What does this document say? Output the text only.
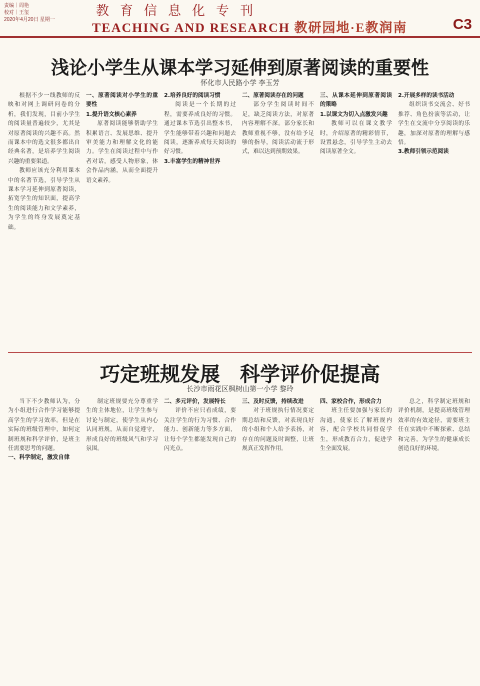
责编｜周艳
校对｜王玺
2020年4月20日 星期一
教育信息化专刊
TEACHING AND RESEARCH 教研园地·E教润南	C3
浅论小学生从课本学习延伸到原著阅读的重要性
怀化市人民路小学 李玉芳

根据不少一线教师的反映和对网上调研问卷的分析，我们发现，目前小学生的阅读量普遍较少，尤其是对原著阅读的兴趣不高。然而课本中的选文很多都出自经典名著，是培养学生阅读兴趣的重要渠道。

教师应该充分利用课本中的名著节选，引导学生从课本学习延伸到原著阅读，拓宽学生的知识面，提高学生的阅读能力和文学素养，为学生的终身发展奠定基础。

一、原著阅读对小学生的重要性

1.提升语文核心素养

原著阅读能够帮助学生积累语言、发展思维、提升审美能力和理解文化的能力。学生在阅读过程中与作者对话，感受人物形象，体会作品内涵，从而全面提升语文素养。

2.培养良好的阅读习惯

阅读是一个长期的过程，需要养成良好的习惯。通过课本节选引出整本书，学生能够带着兴趣和问题去阅读，逐渐养成每天阅读的好习惯。

3.丰富学生的精神世界

二、原著阅读存在的问题

部分学生阅读时间不足，缺乏阅读方法，对原著内容理解不深。部分家长和教师重视不够，没有给予足够的指导，阅读活动流于形式，难以达到预期效果。

三、从课本延伸到原著阅读的策略

1.以课文为切入点激发兴趣

教师可以在课文教学时，介绍原著的精彩情节，设置悬念，引导学生主动去阅读原著全文。

2.开展多样的读书活动

组织读书交流会、好书推荐、角色扮演等活动，让学生在交流中分享阅读的乐趣，加深对原著的理解与感悟。

3.教师引领示范阅读

巧定班规发展　科学评价促提高
长沙市雨花区枫树山第一小学 黎玲

当下不少教师认为，分为小组进行合作学习能够提高学生的学习效率。但是在实际的班级管理中，如何定制班规和科学评价，是班主任需要思考的问题。

一、科学制定，激发自律

制定班规要充分尊重学生的主体地位，让学生参与讨论与制定，使学生从内心认同班规，从而自觉遵守，形成良好的班级风气和学习氛围。

二、多元评价，发展特长

评价不应只看成绩，要关注学生的行为习惯、合作能力、创新能力等多方面，让每个学生都能发现自己的闪光点。

三、及时反馈，持续改进

对于班规执行情况要定期总结和反馈，对表现良好的小组和个人给予表扬，对存在的问题及时调整，让班规真正发挥作用。

四、家校合作，形成合力

班主任要加强与家长的沟通，使家长了解班规内容，配合学校共同督促学生，形成教育合力，促进学生全面发展。

总之，科学制定班规和评价机制，是提高班级管理效率的有效途径，需要班主任在实践中不断探索、总结和完善，为学生的健康成长创造良好的环境。
